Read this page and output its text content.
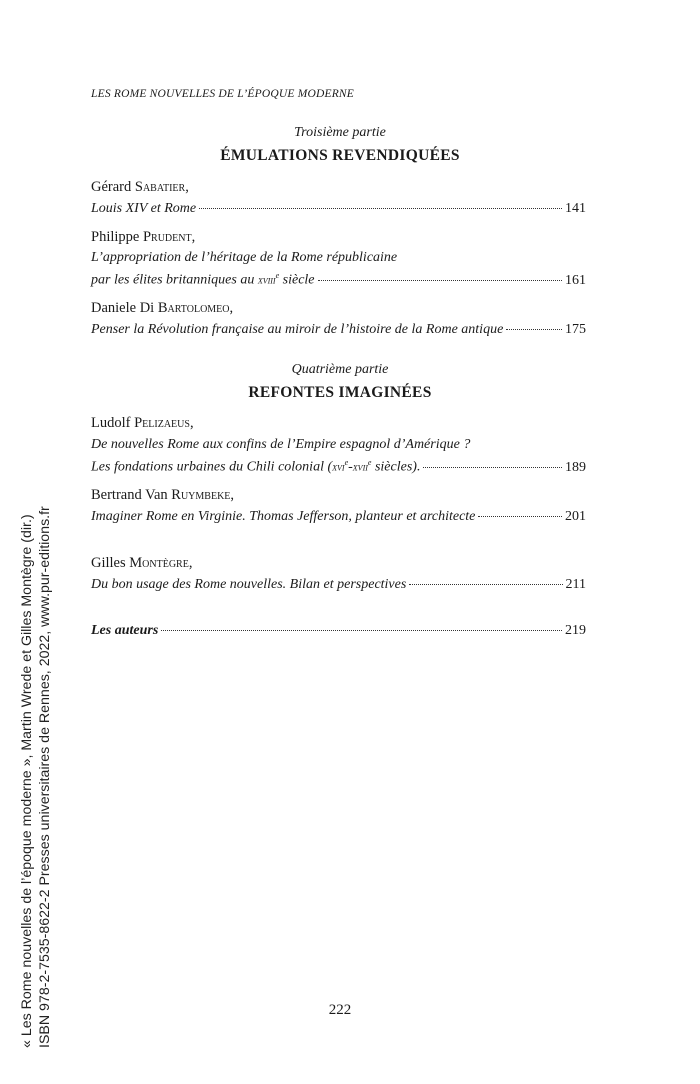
LES ROME NOUVELLES DE L’ÉPOQUE MODERNE
Troisième partie
ÉMULATIONS REVENDIQUÉES
Gérard Sabatier,
Louis XIV et Rome	141
Philippe Prudent,
L’appropriation de l’héritage de la Rome républicaine
par les élites britanniques au xviii$^e$ siècle	161
Daniele Di Bartolomeo,
Penser la Révolution française au miroir de l’histoire de la Rome antique	175
Quatrième partie
REFONTES IMAGINÉES
Ludolf Pelizaeus,
De nouvelles Rome aux confins de l’Empire espagnol d’Amérique ?
Les fondations urbaines du Chili colonial (xvi$^e$-xvii$^e$ siècles).	189
Bertrand Van Ruymbeke,
Imaginer Rome en Virginie. Thomas Jefferson, planteur et architecte	201
Gilles Montègre,
Du bon usage des Rome nouvelles. Bilan et perspectives	211
Les auteurs	219
« Les Rome nouvelles de l’époque moderne », Martin Wrede et Gilles Montègre (dir.) ISBN 978-2-7535-8622-2 Presses universitaires de Rennes, 2022, www.pur-editions.fr	222
